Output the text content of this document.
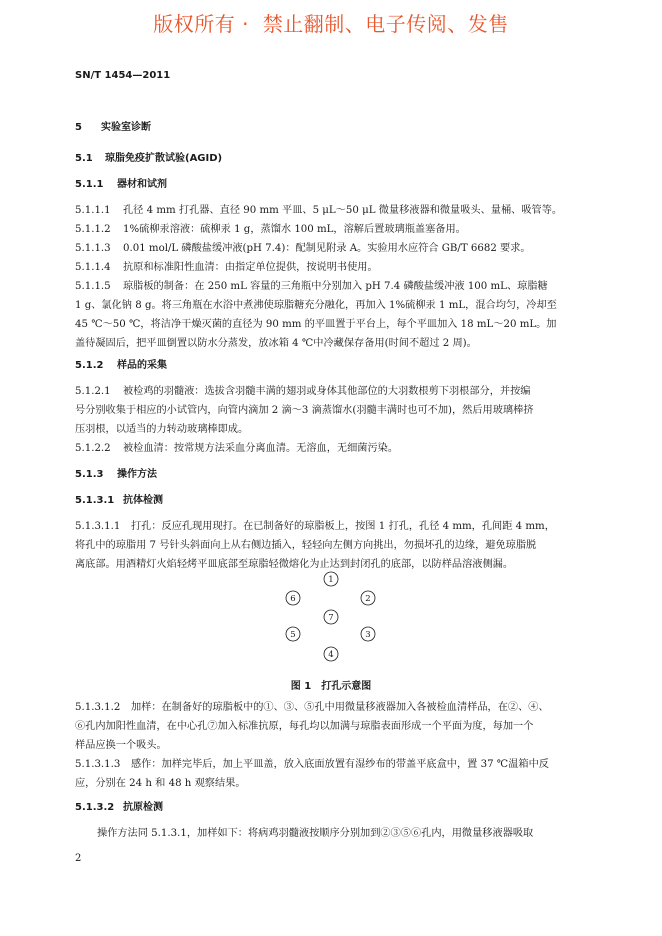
版权所有 ·  禁止翻制、电子传阅、发售
SN/T 1454—2011
5 实验室诊断
5.1 琼脂免疫扩散试验(AGID)
5.1.1 器材和试剂
5.1.1.1 孔径 4 mm 打孔器、直径 90 mm 平皿、5 μL～50 μL 微量移液器和微量吸头、量桶、吸管等。
5.1.1.2 1%硫柳汞溶液：硫柳汞 1 g，蒸馏水 100 mL，溶解后置玻璃瓶盖塞备用。
5.1.1.3 0.01 mol/L 磷酸盐缓冲液(pH 7.4)：配制见附录 A。实验用水应符合 GB/T 6682 要求。
5.1.1.4 抗原和标准阳性血清：由指定单位提供，按说明书使用。
5.1.1.5 琼脂板的制备：在 250 mL 容量的三角瓶中分别加入 pH 7.4 磷酸盐缓冲液 100 mL、琼脂糖
1 g、氯化钠 8 g。将三角瓶在水浴中煮沸使琼脂糖充分融化，再加入 1%硫柳汞 1 mL，混合均匀，冷却至
45 ℃～50 ℃，将洁净干燥灭菌的直径为 90 mm 的平皿置于平台上，每个平皿加入 18 mL～20 mL。加
盖待凝固后，把平皿倒置以防水分蒸发，放冰箱 4 ℃中冷藏保存备用(时间不超过 2 周)。
5.1.2 样品的采集
5.1.2.1 被检鸡的羽髓液：选拔含羽髓丰满的翅羽或身体其他部位的大羽数根剪下羽根部分，并按编
号分别收集于相应的小试管内，向管内滴加 2 滴～3 滴蒸馏水(羽髓丰满时也可不加)，然后用玻璃棒挤
压羽根，以适当的力转动玻璃棒即成。
5.1.2.2 被检血清：按常规方法采血分离血清。无溶血，无细菌污染。
5.1.3 操作方法
5.1.3.1 抗体检测
5.1.3.1.1 打孔：反应孔现用现打。在已制备好的琼脂板上，按图 1 打孔，孔径 4 mm，孔间距 4 mm，
将孔中的琼脂用 7 号针头斜面向上从右侧边插入，轻轻向左侧方向挑出，勿损坏孔的边缘，避免琼脂脱
离底部。用酒精灯火焰轻烤平皿底部至琼脂轻微熔化为止达到封闭孔的底部，以防样品溶液侧漏。
1
2
3
4
5
6
7
图 1　打孔示意图
5.1.3.1.2 加样：在制备好的琼脂板中的①、③、⑤孔中用微量移液器加入各被检血清样品，在②、④、
⑥孔内加阳性血清，在中心孔⑦加入标准抗原，每孔均以加满与琼脂表面形成一个平面为度，每加一个
样品应换一个吸头。
5.1.3.1.3 感作：加样完毕后，加上平皿盖，放入底面放置有湿纱布的带盖平底盒中，置 37 ℃温箱中反
应，分别在 24 h 和 48 h 观察结果。
5.1.3.2 抗原检测
操作方法同 5.1.3.1，加样如下：将病鸡羽髓液按顺序分别加到②③⑤⑥孔内，用微量移液器吸取
2
